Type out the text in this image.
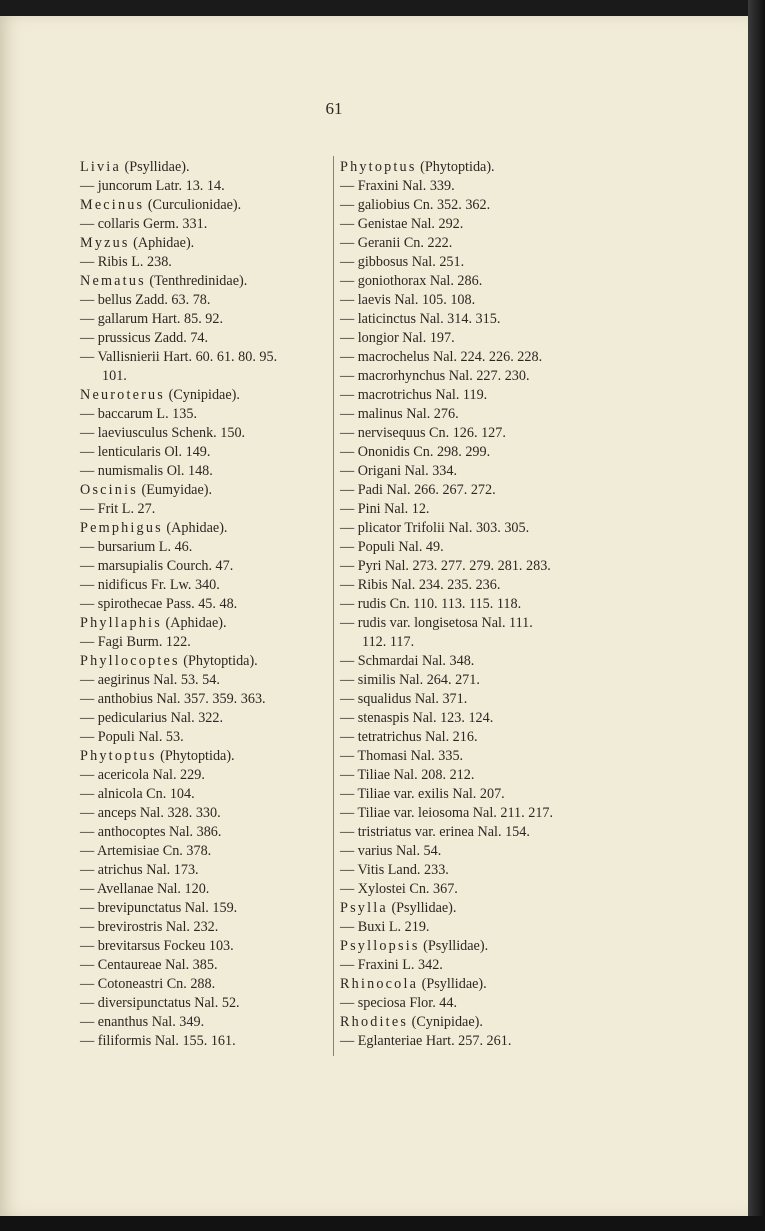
61
Livia (Psyllidae).
— juncorum Latr. 13. 14.
Mecinus (Curculionidae).
— collaris Germ. 331.
Myzus (Aphidae).
— Ribis L. 238.
Nematus (Tenthredinidae).
— bellus Zadd. 63. 78.
— gallarum Hart. 85. 92.
— prussicus Zadd. 74.
— Vallisnierii Hart. 60. 61. 80. 95.
101.
Neuroterus (Cynipidae).
— baccarum L. 135.
— laeviusculus Schenk. 150.
— lenticularis Ol. 149.
— numismalis Ol. 148.
Oscinis (Eumyidae).
— Frit L. 27.
Pemphigus (Aphidae).
— bursarium L. 46.
— marsupialis Courch. 47.
— nidificus Fr. Lw. 340.
— spirothecae Pass. 45. 48.
Phyllaphis (Aphidae).
— Fagi Burm. 122.
Phyllocoptes (Phytoptida).
— aegirinus Nal. 53. 54.
— anthobius Nal. 357. 359. 363.
— pedicularius Nal. 322.
— Populi Nal. 53.
Phytoptus (Phytoptida).
— acericola Nal. 229.
— alnicola Cn. 104.
— anceps Nal. 328. 330.
— anthocoptes Nal. 386.
— Artemisiae Cn. 378.
— atrichus Nal. 173.
— Avellanae Nal. 120.
— brevipunctatus Nal. 159.
— brevirostris Nal. 232.
— brevitarsus Fockeu 103.
— Centaureae Nal. 385.
— Cotoneastri Cn. 288.
— diversipunctatus Nal. 52.
— enanthus Nal. 349.
— filiformis Nal. 155. 161.
Phytoptus (Phytoptida).
— Fraxini Nal. 339.
— galiobius Cn. 352. 362.
— Genistae Nal. 292.
— Geranii Cn. 222.
— gibbosus Nal. 251.
— goniothorax Nal. 286.
— laevis Nal. 105. 108.
— laticinctus Nal. 314. 315.
— longior Nal. 197.
— macrochelus Nal. 224. 226. 228.
— macrorhynchus Nal. 227. 230.
— macrotrichus Nal. 119.
— malinus Nal. 276.
— nervisequus Cn. 126. 127.
— Ononidis Cn. 298. 299.
— Origani Nal. 334.
— Padi Nal. 266. 267. 272.
— Pini Nal. 12.
— plicator Trifolii Nal. 303. 305.
— Populi Nal. 49.
— Pyri Nal. 273. 277. 279. 281. 283.
— Ribis Nal. 234. 235. 236.
— rudis Cn. 110. 113. 115. 118.
— rudis var. longisetosa Nal. 111.
112. 117.
— Schmardai Nal. 348.
— similis Nal. 264. 271.
— squalidus Nal. 371.
— stenaspis Nal. 123. 124.
— tetratrichus Nal. 216.
— Thomasi Nal. 335.
— Tiliae Nal. 208. 212.
— Tiliae var. exilis Nal. 207.
— Tiliae var. leiosoma Nal. 211. 217.
— tristriatus var. erinea Nal. 154.
— varius Nal. 54.
— Vitis Land. 233.
— Xylostei Cn. 367.
Psylla (Psyllidae).
— Buxi L. 219.
Psyllopsis (Psyllidae).
— Fraxini L. 342.
Rhinocola (Psyllidae).
— speciosa Flor. 44.
Rhodites (Cynipidae).
— Eglanteriae Hart. 257. 261.
